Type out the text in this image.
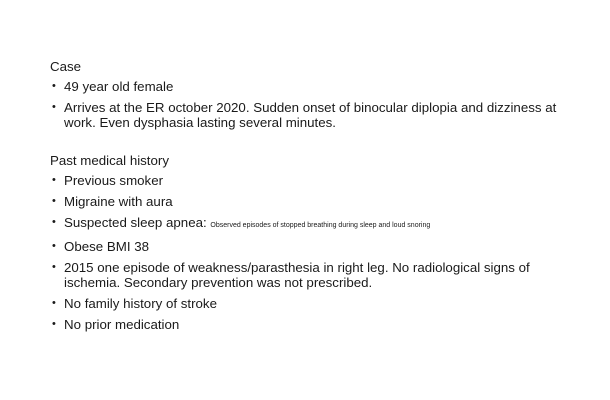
Case
• 49 year old female
• Arrives at the ER october 2020. Sudden onset of binocular diplopia and dizziness at work. Even dysphasia lasting several minutes.
Past medical history
• Previous smoker
• Migraine with aura
• Suspected sleep apnea: Observed episodes of stopped breathing during sleep and loud snoring
• Obese BMI 38
• 2015 one episode of weakness/parasthesia in right leg. No radiological signs of ischemia. Secondary prevention was not prescribed.
• No family history of stroke
• No prior medication
